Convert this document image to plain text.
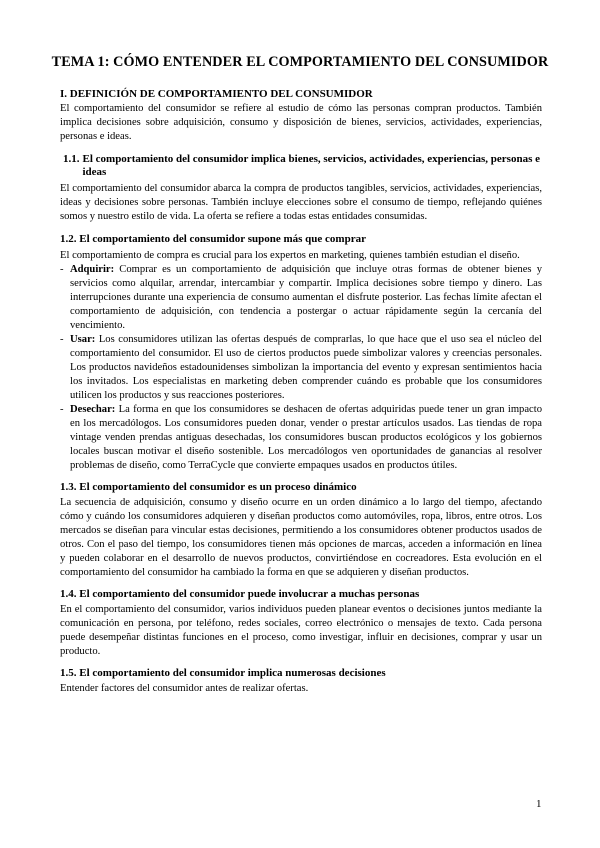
TEMA 1: CÓMO ENTENDER EL COMPORTAMIENTO DEL CONSUMIDOR
I. DEFINICIÓN DE COMPORTAMIENTO DEL CONSUMIDOR

El comportamiento del consumidor se refiere al estudio de cómo las personas compran productos. También implica decisiones sobre adquisición, consumo y disposición de bienes, servicios, actividades, experiencias, personas e ideas.

1.1. El comportamiento del consumidor implica bienes, servicios, actividades, experiencias, personas e ideas

El comportamiento del consumidor abarca la compra de productos tangibles, servicios, actividades, experiencias, ideas y decisiones sobre personas. También incluye elecciones sobre el consumo de tiempo, reflejando quiénes somos y nuestro estilo de vida. La oferta se refiere a todas estas entidades consumidas.

1.2. El comportamiento del consumidor supone más que comprar

El comportamiento de compra es crucial para los expertos en marketing, quienes también estudian el diseño.

- Adquirir: Comprar es un comportamiento de adquisición que incluye otras formas de obtener bienes y servicios como alquilar, arrendar, intercambiar y compartir. Implica decisiones sobre tiempo y dinero. Las interrupciones durante una experiencia de consumo aumentan el disfrute posterior. Las fechas límite afectan el comportamiento de adquisición, con tendencia a postergar o actuar rápidamente según la cercanía del vencimiento.
- Usar: Los consumidores utilizan las ofertas después de comprarlas, lo que hace que el uso sea el núcleo del comportamiento del consumidor. El uso de ciertos productos puede simbolizar valores y creencias personales. Los productos navideños estadounidenses simbolizan la importancia del evento y expresan sentimientos hacia los invitados. Los especialistas en marketing deben comprender cuándo es probable que los consumidores utilicen los productos y sus reacciones posteriores.
- Desechar: La forma en que los consumidores se deshacen de ofertas adquiridas puede tener un gran impacto en los mercadólogos. Los consumidores pueden donar, vender o prestar artículos usados. Las tiendas de ropa vintage venden prendas antiguas desechadas, los consumidores buscan productos ecológicos y los gobiernos locales buscan motivar el diseño sostenible. Los mercadólogos ven oportunidades de ganancias al resolver problemas de diseño, como TerraCycle que convierte empaques usados en productos útiles.
1.3. El comportamiento del consumidor es un proceso dinámico

La secuencia de adquisición, consumo y diseño ocurre en un orden dinámico a lo largo del tiempo, afectando cómo y cuándo los consumidores adquieren y diseñan productos como automóviles, ropa, libros, entre otros. Los mercados se diseñan para vincular estas decisiones, permitiendo a los consumidores obtener productos usados de otros. Con el paso del tiempo, los consumidores tienen más opciones de marcas, acceden a información en línea y pueden colaborar en el desarrollo de nuevos productos, convirtiéndose en cocreadores. Esta evolución en el comportamiento del consumidor ha cambiado la forma en que se adquieren y diseñan productos.

1.4. El comportamiento del consumidor puede involucrar a muchas personas

En el comportamiento del consumidor, varios individuos pueden planear eventos o decisiones juntos mediante la comunicación en persona, por teléfono, redes sociales, correo electrónico o mensajes de texto. Cada persona puede desempeñar distintas funciones en el proceso, como investigar, influir en decisiones, comprar y usar un producto.

1.5. El comportamiento del consumidor implica numerosas decisiones

Entender factores del consumidor antes de realizar ofertas.

1
